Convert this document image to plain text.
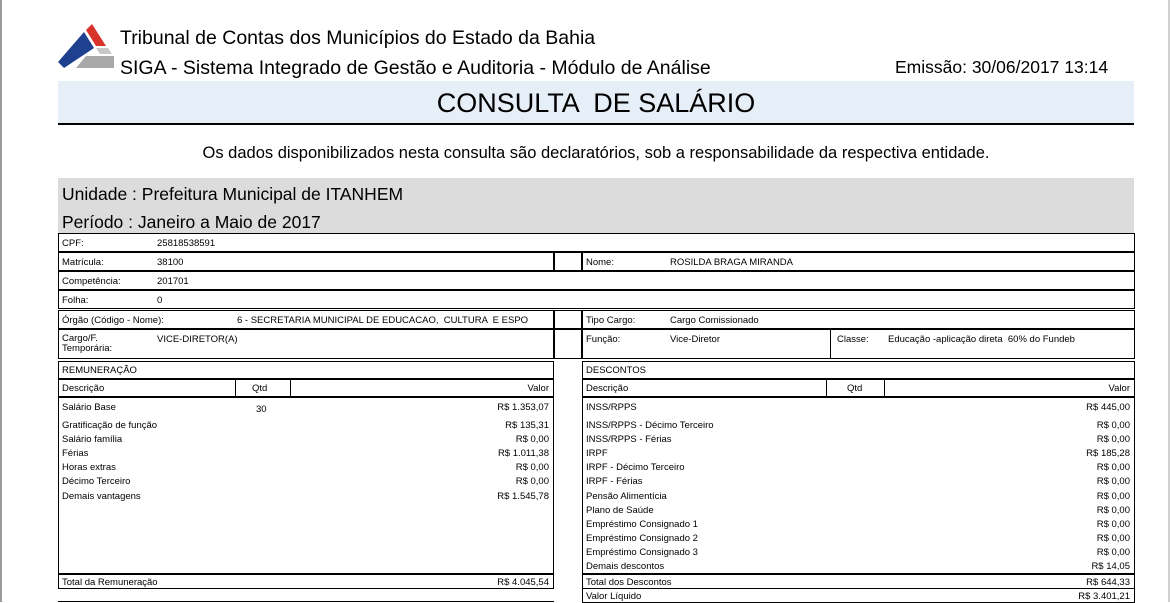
Tribunal de Contas dos Municípios do Estado da Bahia
SIGA - Sistema Integrado de Gestão e Auditoria - Módulo de Análise	Emissão: 30/06/2017 13:14
CONSULTA  DE SALÁRIO
Os dados disponibilizados nesta consulta são declaratórios, sob a responsabilidade da respectiva entidade.
Unidade : Prefeitura Municipal de ITANHEM
Período : Janeiro a Maio de 2017
CPF:	25818538591
Matrícula:	38100	Nome:	ROSILDA BRAGA MIRANDA
Competência:	201701
Folha:	0
Órgão (Código - Nome):	6 - SECRETARIA MUNICIPAL DE EDUCACAO,  CULTURA  E ESPO	Tipo Cargo:	Cargo Comissionado
Cargo/F.
Temporária:
VICE-DIRETOR(A)	Função:	Vice-Diretor	Classe: Educação -aplicação direta  60% do Fundeb
REMUNERAÇÃO
Descrição	Qtd	Valor
Salário Base	30	R$ 1.353,07
Gratificação de função	R$ 135,31
Salário família	R$ 0,00
Férias	R$ 1.011,38
Horas extras	R$ 0,00
Décimo Terceiro	R$ 0,00
Demais vantagens	R$ 1.545,78
Total da Remuneração	R$ 4.045,54
DESCONTOS
Descrição	Qtd	Valor
INSS/RPPS	R$ 445,00
INSS/RPPS - Décimo Terceiro	R$ 0,00
INSS/RPPS - Férias	R$ 0,00
IRPF	R$ 185,28
IRPF - Décimo Terceiro	R$ 0,00
IRPF - Férias	R$ 0,00
Pensão Alimentícia	R$ 0,00
Plano de Saúde	R$ 0,00
Empréstimo Consignado 1	R$ 0,00
Empréstimo Consignado 2	R$ 0,00
Empréstimo Consignado 3	R$ 0,00
Demais descontos	R$ 14,05
Total dos Descontos	R$ 644,33
Valor Líquido	R$ 3.401,21
